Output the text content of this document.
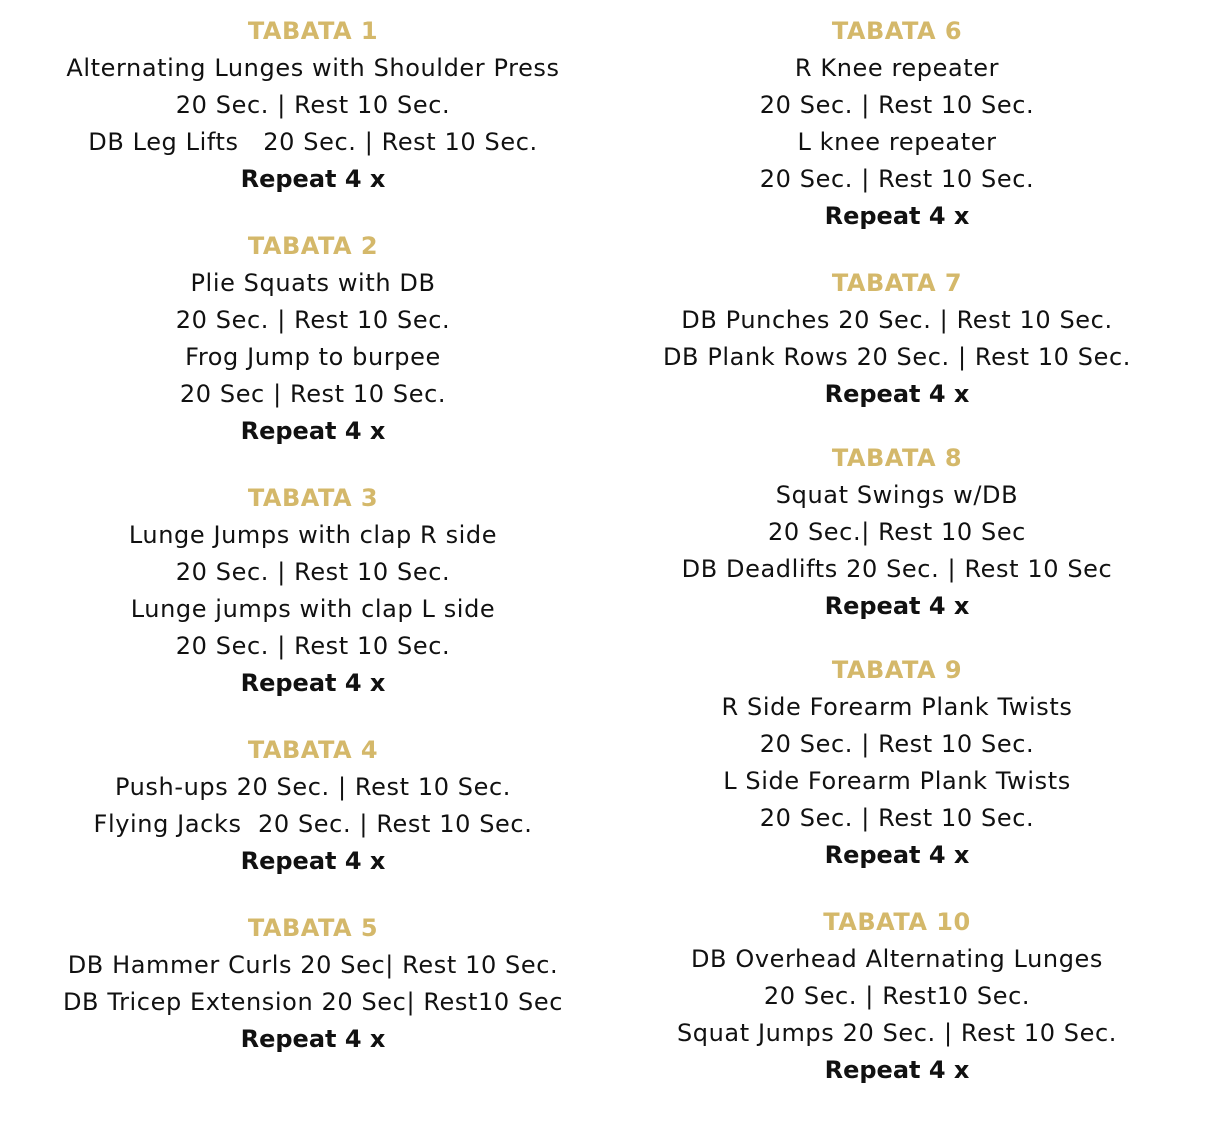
TABATA 1
Alternating Lunges with Shoulder Press
20 Sec. | Rest 10 Sec.
DB Leg Lifts   20 Sec. | Rest 10 Sec.
Repeat 4 x
TABATA 2
Plie Squats with DB
20 Sec. | Rest 10 Sec.
Frog Jump to burpee
20 Sec | Rest 10 Sec.
Repeat 4 x
TABATA 3
Lunge Jumps with clap R side
20 Sec. | Rest 10 Sec.
Lunge jumps with clap L side
20 Sec. | Rest 10 Sec.
Repeat 4 x
TABATA 4
Push-ups 20 Sec. | Rest 10 Sec.
Flying Jacks  20 Sec. | Rest 10 Sec.
Repeat 4 x
TABATA 5
DB Hammer Curls 20 Sec| Rest 10 Sec.
DB Tricep Extension 20 Sec| Rest10 Sec
Repeat 4 x
TABATA 6
R Knee repeater
20 Sec. | Rest 10 Sec.
L knee repeater
20 Sec. | Rest 10 Sec.
Repeat 4 x
TABATA 7
DB Punches 20 Sec. | Rest 10 Sec.
DB Plank Rows 20 Sec. | Rest 10 Sec.
Repeat 4 x
TABATA 8
Squat Swings w/DB
20 Sec.| Rest 10 Sec
DB Deadlifts 20 Sec. | Rest 10 Sec
Repeat 4 x
TABATA 9
R Side Forearm Plank Twists
20 Sec. | Rest 10 Sec.
L Side Forearm Plank Twists
20 Sec. | Rest 10 Sec.
Repeat 4 x
TABATA 10
DB Overhead Alternating Lunges
20 Sec. | Rest10 Sec.
Squat Jumps 20 Sec. | Rest 10 Sec.
Repeat 4 x
